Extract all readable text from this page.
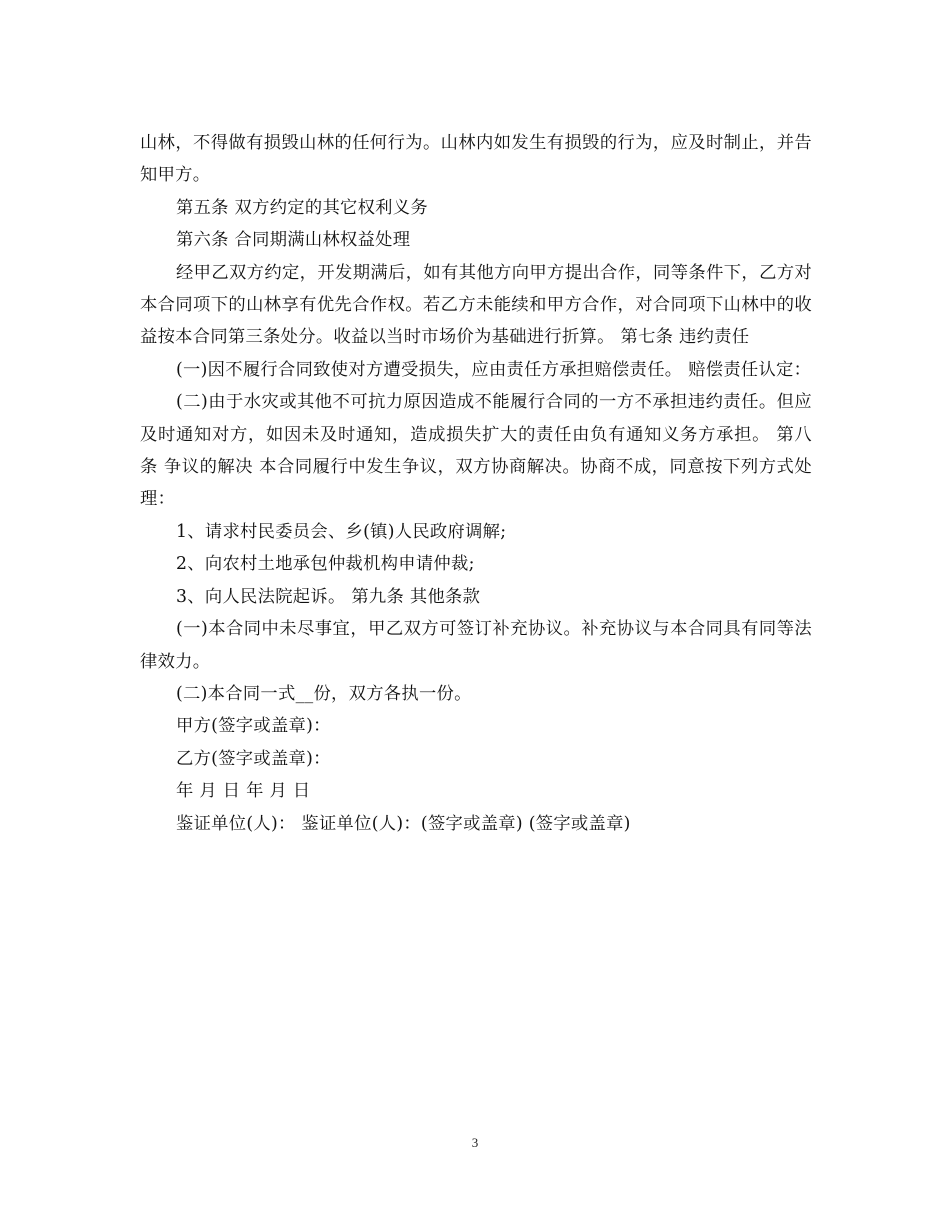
山林，不得做有损毁山林的任何行为。山林内如发生有损毁的行为，应及时制止，并告知甲方。

第五条 双方约定的其它权利义务

第六条 合同期满山林权益处理

经甲乙双方约定，开发期满后，如有其他方向甲方提出合作，同等条件下，乙方对本合同项下的山林享有优先合作权。若乙方未能续和甲方合作，对合同项下山林中的收益按本合同第三条处分。收益以当时市场价为基础进行折算。 第七条 违约责任

(一)因不履行合同致使对方遭受损失，应由责任方承担赔偿责任。 赔偿责任认定：

(二)由于水灾或其他不可抗力原因造成不能履行合同的一方不承担违约责任。但应及时通知对方，如因未及时通知，造成损失扩大的责任由负有通知义务方承担。 第八条 争议的解决 本合同履行中发生争议，双方协商解决。协商不成，同意按下列方式处理：

1、请求村民委员会、乡(镇)人民政府调解;

2、向农村土地承包仲裁机构申请仲裁;

3、向人民法院起诉。 第九条 其他条款

(一)本合同中未尽事宜，甲乙双方可签订补充协议。补充协议与本合同具有同等法律效力。

(二)本合同一式__份，双方各执一份。

甲方(签字或盖章)：

乙方(签字或盖章)：

年 月 日 年 月 日

鉴证单位(人)： 鉴证单位(人)：(签字或盖章) (签字或盖章)

3
